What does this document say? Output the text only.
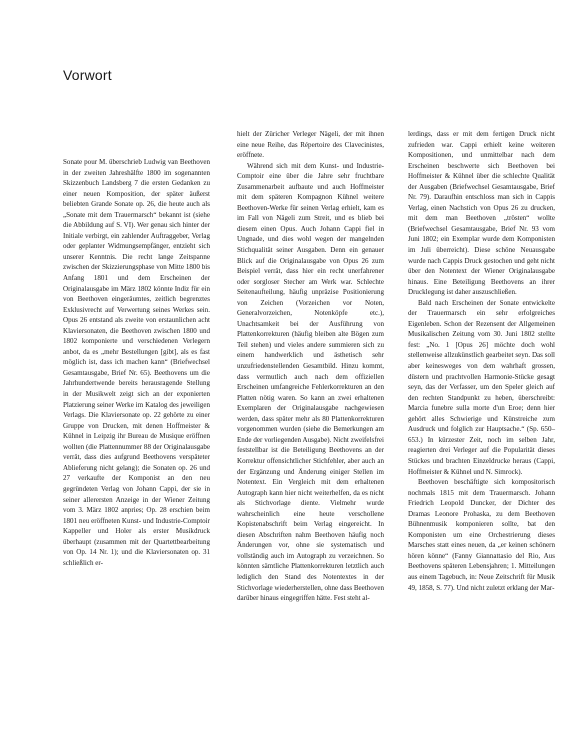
Vorwort

Sonate pour M. überschrieb Ludwig van Beethoven in der zweiten Jahreshälfte 1800 im sogenannten Skizzenbuch Landsberg 7 die ersten Gedanken zu einer neuen Komposition, der später äußerst beliebten Grande Sonate op. 26, die heute auch als „Sonate mit dem Trauermarsch“ bekannt ist (siehe die Abbildung auf S. VI). Wer genau sich hinter der Initiale verbirgt, ein zahlender Auftraggeber, Verlag oder geplanter Widmungsempfänger, entzieht sich unserer Kenntnis. Die recht lange Zeitspanne zwischen der Skizzierungsphase von Mitte 1800 bis Anfang 1801 und dem Erscheinen der Originalausgabe im März 1802 könnte Indiz für ein von Beethoven eingeräumtes, zeitlich begrenztes Exklusivrecht auf Verwertung seines Werkes sein. Opus 26 entstand als zweite von erstaunlichen acht Klaviersonaten, die Beethoven zwischen 1800 und 1802 komponierte und verschiedenen Verlegern anbot, da es „mehr Bestellungen [gibt], als es fast möglich ist, dass ich machen kann“ (Briefwechsel Gesamtausgabe, Brief Nr. 65). Beethovens um die Jahrhundertwende bereits herausragende Stellung in der Musikwelt zeigt sich an der exponierten Platzierung seiner Werke im Katalog des jeweiligen Verlags. Die Klaviersonate op. 22 gehörte zu einer Gruppe von Drucken, mit denen Hoffmeister & Kühnel in Leipzig ihr Bureau de Musique eröffnen wollten (die Plattennummer 88 der Originalausgabe verrät, dass dies aufgrund Beethovens verspäteter Ablieferung nicht gelang); die Sonaten op. 26 und 27 verkaufte der Komponist an den neu gegründeten Verlag von Johann Cappi, der sie in seiner allerersten Anzeige in der Wiener Zeitung vom 3. März 1802 anpries; Op. 28 erschien beim 1801 neu eröffneten Kunst- und Industrie-Comptoir Kappeller und Holer als erster Musikdruck überhaupt (zusammen mit der Quartettbearbeitung von Op. 14 Nr. 1); und die Klaviersonaten op. 31 schließlich er-

hielt der Züricher Verleger Nägeli, der mit ihnen eine neue Reihe, das Répertoire des Clavecinistes, eröffnete.

Während sich mit dem Kunst- und Industrie-Comptoir eine über die Jahre sehr fruchtbare Zusammenarbeit aufbaute und auch Hoffmeister mit dem späteren Kompagnon Kühnel weitere Beethoven-Werke für seinen Verlag erhielt, kam es im Fall von Nägeli zum Streit, und es blieb bei diesem einen Opus. Auch Johann Cappi fiel in Ungnade, und dies wohl wegen der mangelnden Stichqualität seiner Ausgaben. Denn ein genauer Blick auf die Originalausgabe von Opus 26 zum Beispiel verrät, dass hier ein recht unerfahrener oder sorgloser Stecher am Werk war. Schlechte Seitenaufteilung, häufig unpräzise Positionierung von Zeichen (Vorzeichen vor Noten, Generalvorzeichen, Notenköpfe etc.), Unachtsamkeit bei der Ausführung von Plattenkorrekturen (häufig bleiben alte Bögen zum Teil stehen) und vieles andere summieren sich zu einem handwerklich und ästhetisch sehr unzufriedenstellenden Gesamtbild. Hinzu kommt, dass vermutlich auch nach dem offiziellen Erscheinen umfangreiche Fehlerkorrekturen an den Platten nötig waren. So kann an zwei erhaltenen Exemplaren der Originalausgabe nachgewiesen werden, dass später mehr als 80 Plattenkorrekturen vorgenommen wurden (siehe die Bemerkungen am Ende der vorliegenden Ausgabe). Nicht zweifelsfrei feststellbar ist die Beteiligung Beethovens an der Korrektur offensichtlicher Stichfehler, aber auch an der Ergänzung und Änderung einiger Stellen im Notentext. Ein Vergleich mit dem erhaltenen Autograph kann hier nicht weiterhelfen, da es nicht als Stichvorlage diente. Vielmehr wurde wahrscheinlich eine heute verschollene Kopistenabschrift beim Verlag eingereicht. In diesen Abschriften nahm Beethoven häufig noch Änderungen vor, ohne sie systematisch und vollständig auch im Autograph zu verzeichnen. So könnten sämtliche Plattenkorrekturen letztlich auch lediglich den Stand des Notentextes in der Stichvorlage wiederherstellen, ohne dass Beethoven darüber hinaus eingegriffen hätte. Fest steht al-

lerdings, dass er mit dem fertigen Druck nicht zufrieden war. Cappi erhielt keine weiteren Kompositionen, und unmittelbar nach dem Erscheinen beschwerte sich Beethoven bei Hoffmeister & Kühnel über die schlechte Qualität der Ausgaben (Briefwechsel Gesamtausgabe, Brief Nr. 79). Daraufhin entschloss man sich in Cappis Verlag, einen Nachstich von Opus 26 zu drucken, mit dem man Beethoven „trösten“ wollte (Briefwechsel Gesamtausgabe, Brief Nr. 93 vom Juni 1802; ein Exemplar wurde dem Komponisten im Juli überreicht). Diese schöne Neuausgabe wurde nach Cappis Druck gestochen und geht nicht über den Notentext der Wiener Originalausgabe hinaus. Eine Beteiligung Beethovens an ihrer Drucklegung ist daher auszuschließen.

Bald nach Erscheinen der Sonate entwickelte der Trauermarsch ein sehr erfolgreiches Eigenleben. Schon der Rezensent der Allgemeinen Musikalischen Zeitung vom 30. Juni 1802 stellte fest: „No. 1 [Opus 26] möchte doch wohl stellenweise allzukünstlich gearbeitet seyn. Das soll aber keinesweges von dem wahrhaft grossen, düstern und prachtvollen Harmonie-Stücke gesagt seyn, das der Verfasser, um den Speler gleich auf den rechten Standpunkt zu heben, überschreibt: Marcia funebre sulla morte d'un Eroe; denn hier gehört alles Schwierige und Künstreiche zum Ausdruck und folglich zur Hauptsache.“ (Sp. 650–653.) In kürzester Zeit, noch im selben Jahr, reagierten drei Verleger auf die Popularität dieses Stückes und brachten Einzeldrucke heraus (Cappi, Hoffmeister & Kühnel und N. Simrock).

Beethoven beschäftigte sich kompositorisch nochmals 1815 mit dem Trauermarsch. Johann Friedrich Leopold Duncker, der Dichter des Dramas Leonore Prohaska, zu dem Beethoven Bühnenmusik komponieren sollte, bat den Komponisten um eine Orchestrierung dieses Marsches statt eines neuen, da „er keinen schönern hören könne“ (Fanny Giannattasio del Rio, Aus Beethovens späteren Lebensjahren; 1. Mitteilungen aus einem Tagebuch, in: Neue Zeitschrift für Musik 49, 1858, S. 77). Und nicht zuletzt erklang der Mar-
